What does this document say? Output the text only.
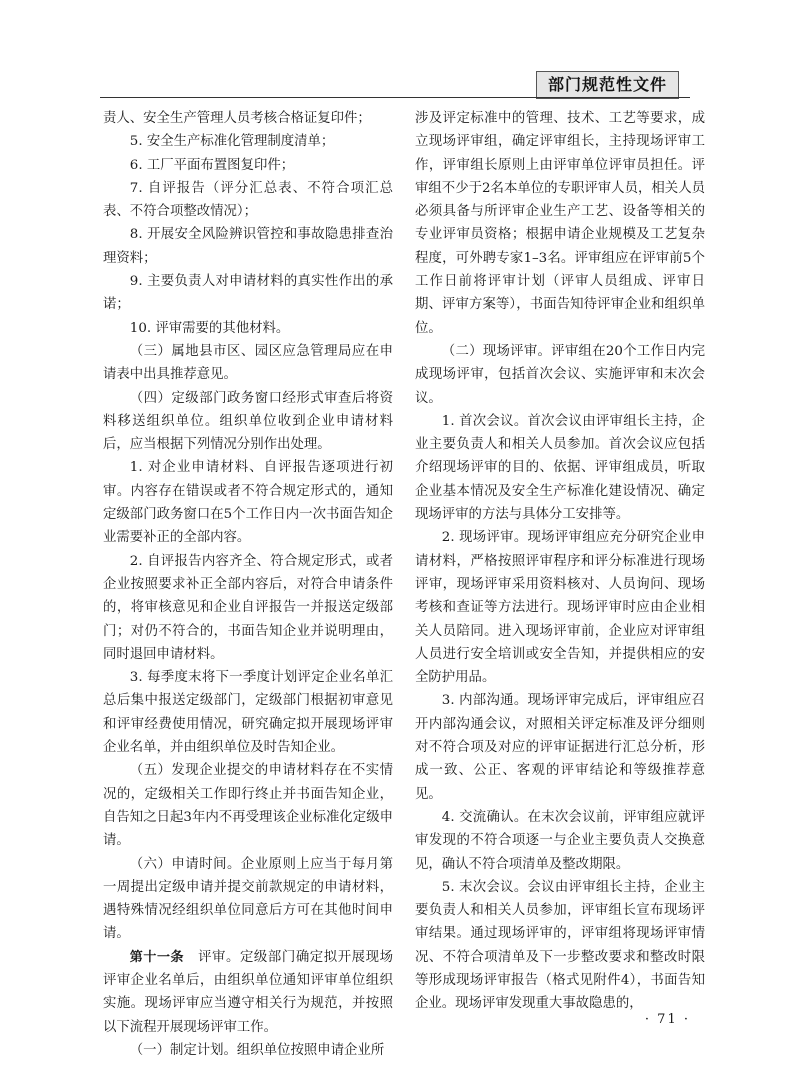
部门规范性文件

责人、安全生产管理人员考核合格证复印件；

5. 安全生产标准化管理制度清单；

6. 工厂平面布置图复印件；

7. 自评报告（评分汇总表、不符合项汇总表、不符合项整改情况）；

8. 开展安全风险辨识管控和事故隐患排查治理资料；

9. 主要负责人对申请材料的真实性作出的承诺；

10. 评审需要的其他材料。

（三）属地县市区、园区应急管理局应在申请表中出具推荐意见。

（四）定级部门政务窗口经形式审查后将资料移送组织单位。组织单位收到企业申请材料后，应当根据下列情况分别作出处理。

1. 对企业申请材料、自评报告逐项进行初审。内容存在错误或者不符合规定形式的，通知定级部门政务窗口在5个工作日内一次书面告知企业需要补正的全部内容。

2. 自评报告内容齐全、符合规定形式，或者企业按照要求补正全部内容后，对符合申请条件的，将审核意见和企业自评报告一并报送定级部门；对仍不符合的，书面告知企业并说明理由，同时退回申请材料。

3. 每季度末将下一季度计划评定企业名单汇总后集中报送定级部门，定级部门根据初审意见和评审经费使用情况，研究确定拟开展现场评审企业名单，并由组织单位及时告知企业。

（五）发现企业提交的申请材料存在不实情况的，定级相关工作即行终止并书面告知企业，自告知之日起3年内不再受理该企业标准化定级申请。

（六）申请时间。企业原则上应当于每月第一周提出定级申请并提交前款规定的申请材料，遇特殊情况经组织单位同意后方可在其他时间申请。

第十一条　 评审。定级部门确定拟开展现场评审企业名单后，由组织单位通知评审单位组织实施。现场评审应当遵守相关行为规范，并按照以下流程开展现场评审工作。

（一）制定计划。组织单位按照申请企业所

涉及评定标准中的管理、技术、工艺等要求，成立现场评审组，确定评审组长，主持现场评审工作，评审组长原则上由评审单位评审员担任。评审组不少于2名本单位的专职评审人员，相关人员必须具备与所评审企业生产工艺、设备等相关的专业评审员资格；根据申请企业规模及工艺复杂程度，可外聘专家1–3名。评审组应在评审前5个工作日前将评审计划（评审人员组成、评审日期、评审方案等），书面告知待评审企业和组织单位。

（二）现场评审。评审组在20个工作日内完成现场评审，包括首次会议、实施评审和末次会议。

1. 首次会议。首次会议由评审组长主持，企业主要负责人和相关人员参加。首次会议应包括介绍现场评审的目的、依据、评审组成员，听取企业基本情况及安全生产标准化建设情况、确定现场评审的方法与具体分工安排等。

2. 现场评审。现场评审组应充分研究企业申请材料，严格按照评审程序和评分标准进行现场评审，现场评审采用资料核对、人员询问、现场考核和查证等方法进行。现场评审时应由企业相关人员陪同。进入现场评审前，企业应对评审组人员进行安全培训或安全告知，并提供相应的安全防护用品。

3. 内部沟通。现场评审完成后，评审组应召开内部沟通会议，对照相关评定标准及评分细则对不符合项及对应的评审证据进行汇总分析，形成一致、公正、客观的评审结论和等级推荐意见。

4. 交流确认。在末次会议前，评审组应就评审发现的不符合项逐一与企业主要负责人交换意见，确认不符合项清单及整改期限。

5. 末次会议。会议由评审组长主持，企业主要负责人和相关人员参加，评审组长宣布现场评审结果。通过现场评审的，评审组将现场评审情况、不符合项清单及下一步整改要求和整改时限等形成现场评审报告（格式见附件4），书面告知企业。现场评审发现重大事故隐患的，

· 71 ·
